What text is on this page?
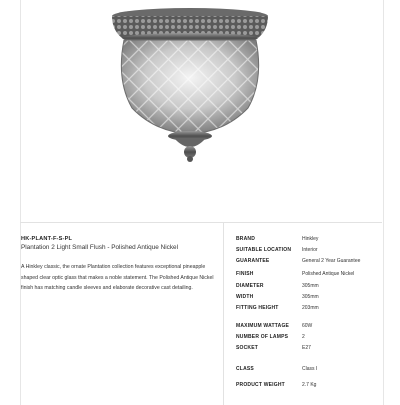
HK-PLANT-F-S-PL
Plantation 2 Light Small Flush - Polished Antique Nickel
A Hinkley classic, the ornate Plantation collection features exceptional pineapple shaped clear optic glass that makes a noble statement. The Polished Antique Nickel finish has matching candle sleeves and elaborate decorative cast detailing.
BRAND	Hinkley
SUITABLE LOCATION Interior
GUARANTEE	General 2 Year Guarantee
FINISH	Polished Antique Nickel
DIAMETER	305mm
WIDTH	305mm
FITTING HEIGHT	203mm
MAXIMUM WATTAGE	60W
NUMBER OF LAMPS	2
SOCKET	E27
CLASS	Class I
PRODUCT WEIGHT	2.7 Kg
